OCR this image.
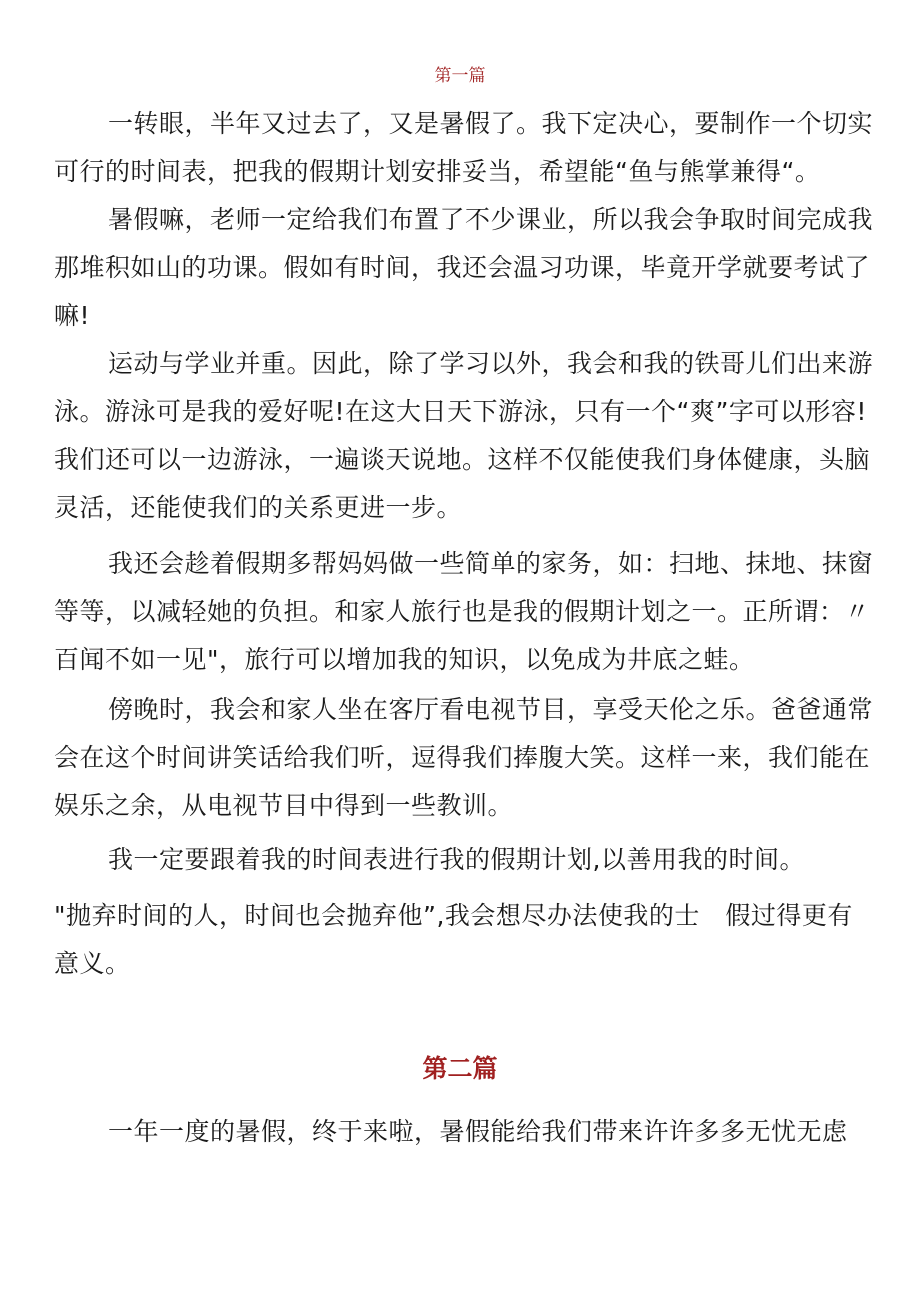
第一篇

一转眼，半年又过去了，又是暑假了。我下定决心，要制作一个切实可行的时间表，把我的假期计划安排妥当，希望能“鱼与熊掌兼得“。

暑假嘛，老师一定给我们布置了不少课业，所以我会争取时间完成我那堆积如山的功课。假如有时间，我还会温习功课，毕竟开学就要考试了嘛!

运动与学业并重。因此，除了学习以外，我会和我的铁哥儿们出来游泳。游泳可是我的爱好呢!在这大日天下游泳，只有一个“爽”字可以形容!我们还可以一边游泳，一遍谈天说地。这样不仅能使我们身体健康，头脑灵活，还能使我们的关系更进一步。

我还会趁着假期多帮妈妈做一些简单的家务，如：扫地、抹地、抹窗等等，以减轻她的负担。和家人旅行也是我的假期计划之一。正所谓：〃百闻不如一见"，旅行可以增加我的知识，以免成为井底之蛙。

傍晚时，我会和家人坐在客厅看电视节目，享受天伦之乐。爸爸通常会在这个时间讲笑话给我们听，逗得我们捧腹大笑。这样一来，我们能在娱乐之余，从电视节目中得到一些教训。

我一定要跟着我的时间表进行我的假期计划,以善用我的时间。

"抛弃时间的人，时间也会抛弃他”,我会想尽办法使我的士　假过得更有意义。

第二篇

一年一度的暑假，终于来啦，暑假能给我们带来许许多多无忧无虑
